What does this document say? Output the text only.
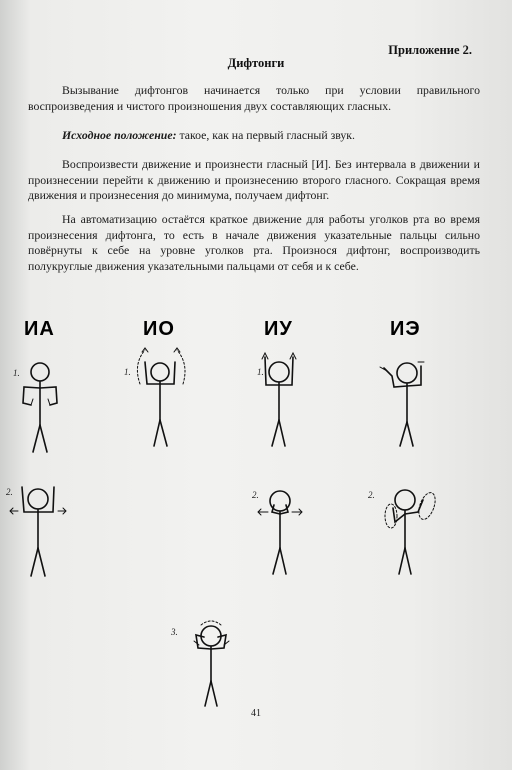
Приложение 2.
Дифтонги
Вызывание дифтонгов начинается только при условии правильного воспроизведения и чистого произношения двух составляющих гласных.
Исходное положение: такое, как на первый гласный звук.
Воспроизвести движение и произнести гласный [И]. Без интервала в движении и произнесении перейти к движению и произнесению второго гласного. Сокращая время движения и произнесения до минимума, получаем дифтонг.
На автоматизацию остаётся краткое движение для работы уголков рта во время произнесения дифтонга, то есть в начале движения указательные пальцы сильно повёрнуты к себе на уровне уголков рта. Произнося дифтонг, воспроизводить полукруглые движения указательными пальцами от себя и к себе.
ИА	ИО	ИУ	ИЭ
1.	1.	1.
2.	2.	2.
3.
41
